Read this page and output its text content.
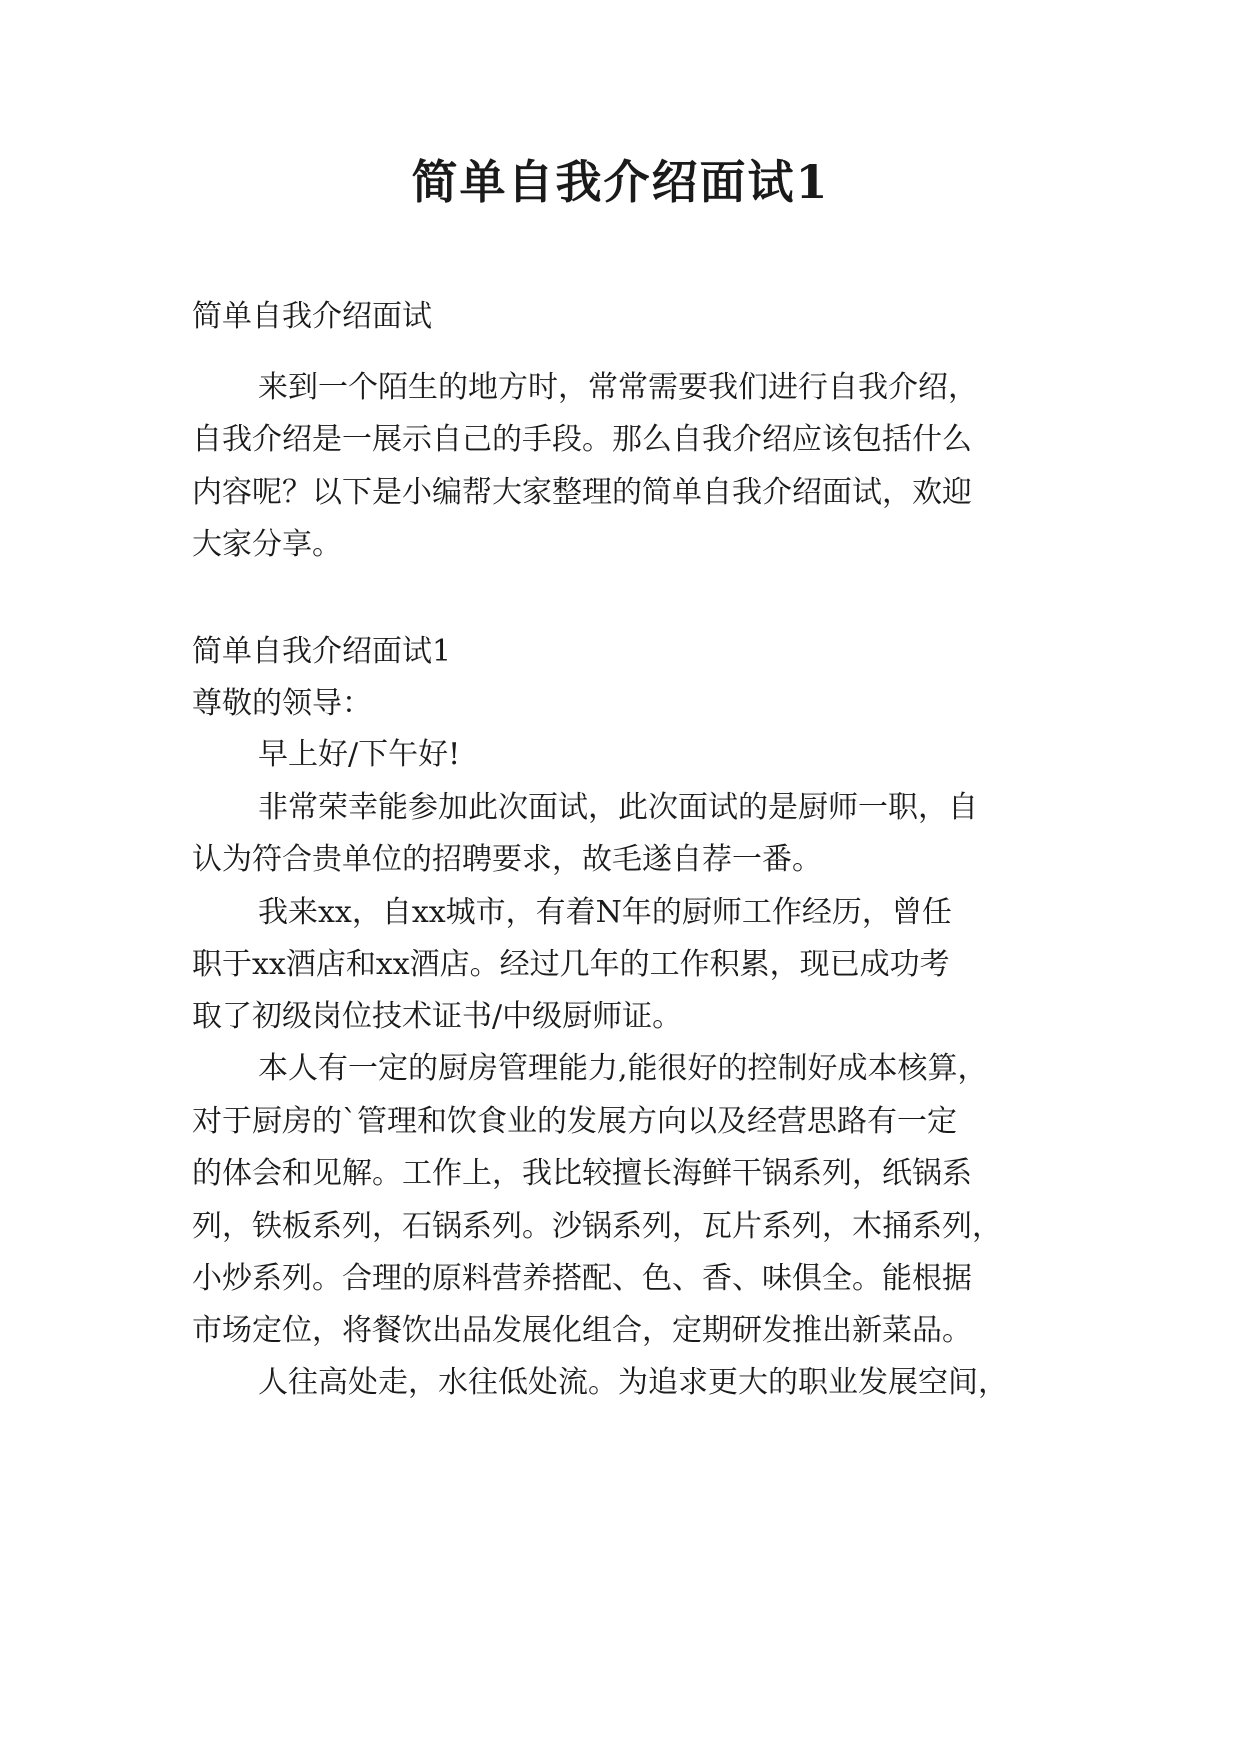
简单自我介绍面试1

简单自我介绍面试

来到一个陌生的地方时，常常需要我们进行自我介绍，

自我介绍是一展示自己的手段。那么自我介绍应该包括什么

内容呢？以下是小编帮大家整理的简单自我介绍面试，欢迎

大家分享。

简单自我介绍面试1

尊敬的领导：

早上好/下午好!

非常荣幸能参加此次面试，此次面试的是厨师一职，自

认为符合贵单位的招聘要求，故毛遂自荐一番。

我来xx，自xx城市，有着N年的厨师工作经历，曾任

职于xx酒店和xx酒店。经过几年的工作积累，现已成功考

取了初级岗位技术证书/中级厨师证。

本人有一定的厨房管理能力,能很好的控制好成本核算，

对于厨房的`管理和饮食业的发展方向以及经营思路有一定

的体会和见解。工作上，我比较擅长海鲜干锅系列，纸锅系

列，铁板系列，石锅系列。沙锅系列，瓦片系列，木捅系列，

小炒系列。合理的原料营养搭配、色、香、味俱全。能根据

市场定位，将餐饮出品发展化组合，定期研发推出新菜品。

人往高处走，水往低处流。为追求更大的职业发展空间，
